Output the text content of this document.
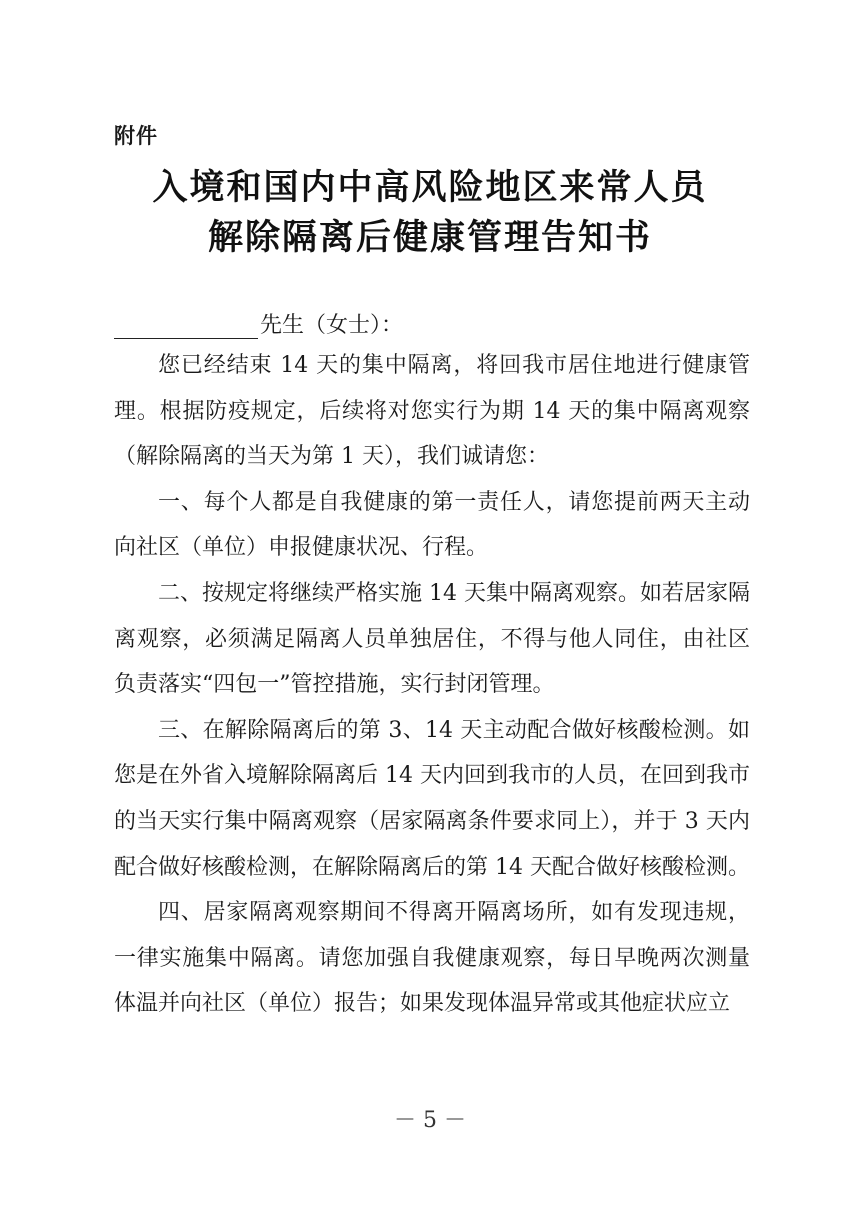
附件
入境和国内中高风险地区来常人员
解除隔离后健康管理告知书
先生（女士）：

您已经结束 14 天的集中隔离，将回我市居住地进行健康管理。根据防疫规定，后续将对您实行为期 14 天的集中隔离观察（解除隔离的当天为第 1 天），我们诚请您：

一、每个人都是自我健康的第一责任人，请您提前两天主动向社区（单位）申报健康状况、行程。

二、按规定将继续严格实施 14 天集中隔离观察。如若居家隔离观察，必须满足隔离人员单独居住，不得与他人同住，由社区负责落实“四包一”管控措施，实行封闭管理。

三、在解除隔离后的第 3、14 天主动配合做好核酸检测。如您是在外省入境解除隔离后 14 天内回到我市的人员，在回到我市的当天实行集中隔离观察（居家隔离条件要求同上），并于 3 天内配合做好核酸检测，在解除隔离后的第 14 天配合做好核酸检测。

四、居家隔离观察期间不得离开隔离场所，如有发现违规，一律实施集中隔离。请您加强自我健康观察，每日早晚两次测量体温并向社区（单位）报告；如果发现体温异常或其他症状应立

－ 5 －
